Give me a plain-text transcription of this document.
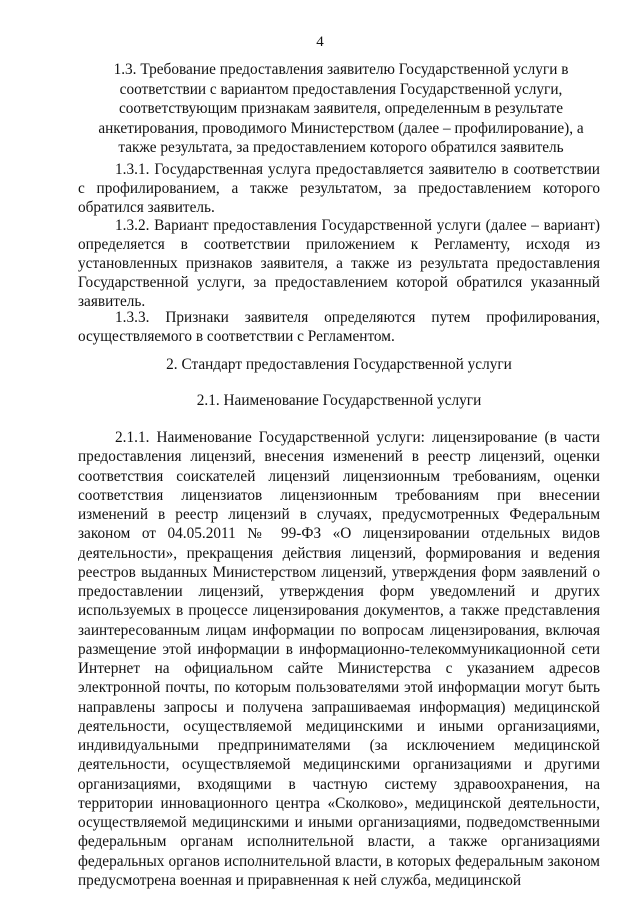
4
1.3. Требование предоставления заявителю Государственной услуги в соответствии с вариантом предоставления Государственной услуги, соответствующим признакам заявителя, определенным в результате анкетирования, проводимого Министерством (далее – профилирование), а также результата, за предоставлением которого обратился заявитель
1.3.1. Государственная услуга предоставляется заявителю в соответствии с профилированием, а также результатом, за предоставлением которого обратился заявитель.
1.3.2. Вариант предоставления Государственной услуги (далее – вариант) определяется в соответствии приложением к Регламенту, исходя из установленных признаков заявителя, а также из результата предоставления Государственной услуги, за предоставлением которой обратился указанный заявитель.
1.3.3. Признаки заявителя определяются путем профилирования, осуществляемого в соответствии с Регламентом.
2. Стандарт предоставления Государственной услуги
2.1. Наименование Государственной услуги
2.1.1. Наименование Государственной услуги: лицензирование (в части предоставления лицензий, внесения изменений в реестр лицензий, оценки соответствия соискателей лицензий лицензионным требованиям, оценки соответствия лицензиатов лицензионным требованиям при внесении изменений в реестр лицензий в случаях, предусмотренных Федеральным законом от 04.05.2011 № 99-ФЗ «О лицензировании отдельных видов деятельности», прекращения действия лицензий, формирования и ведения реестров выданных Министерством лицензий, утверждения форм заявлений о предоставлении лицензий, утверждения форм уведомлений и других используемых в процессе лицензирования документов, а также представления заинтересованным лицам информации по вопросам лицензирования, включая размещение этой информации в информационно-телекоммуникационной сети Интернет на официальном сайте Министерства с указанием адресов электронной почты, по которым пользователями этой информации могут быть направлены запросы и получена запрашиваемая информация) медицинской деятельности, осуществляемой медицинскими и иными организациями, индивидуальными предпринимателями (за исключением медицинской деятельности, осуществляемой медицинскими организациями и другими организациями, входящими в частную систему здравоохранения, на территории инновационного центра «Сколково», медицинской деятельности, осуществляемой медицинскими и иными организациями, подведомственными федеральным органам исполнительной власти, а также организациями федеральных органов исполнительной власти, в которых федеральным законом предусмотрена военная и приравненная к ней служба, медицинской
